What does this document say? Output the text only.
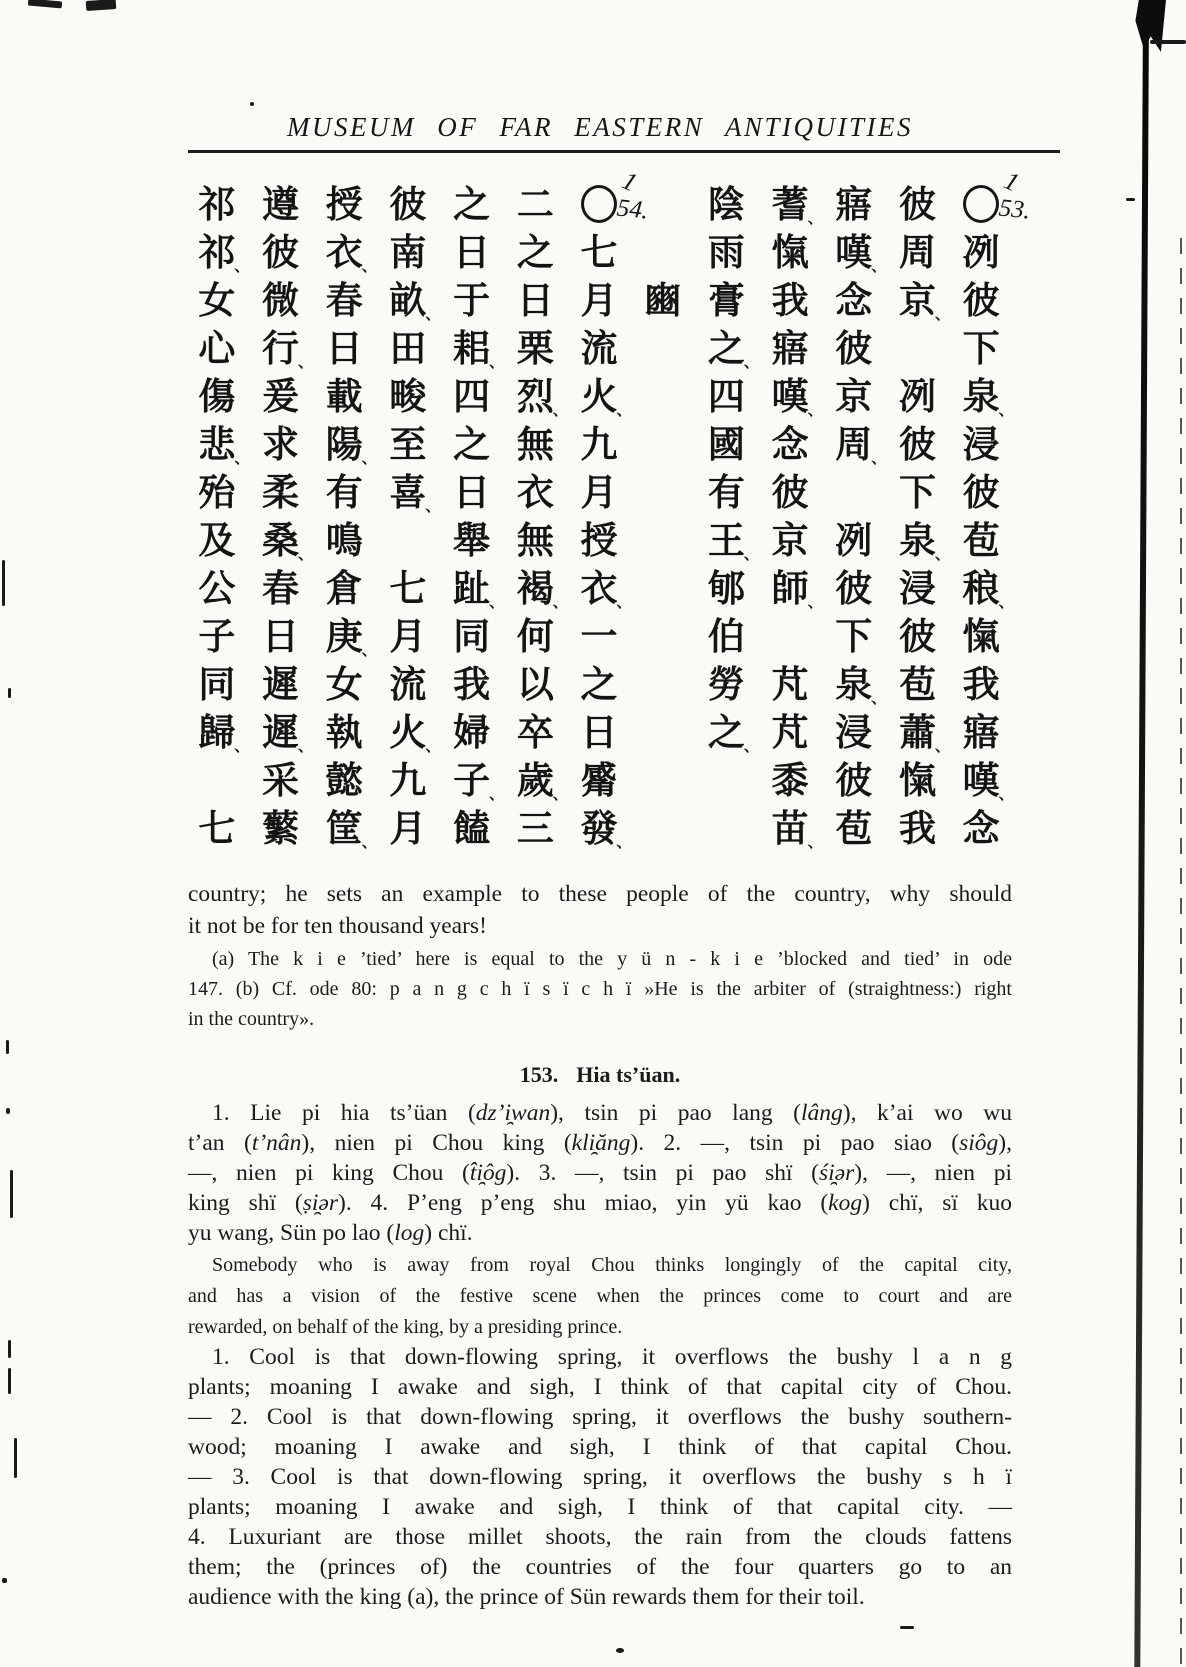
MUSEUM OF FAR EASTERN ANTIQUITIES
1
53.
冽
彼
下
泉
、
浸
彼
苞
稂
、
愾
我
寤
嘆
、
念
彼
周
京
、
冽
彼
下
泉
、
浸
彼
苞
蕭
、
愾
我
寤
嘆
、
念
彼
京
周
、
冽
彼
下
泉
、
浸
彼
苞
蓍
、
愾
我
寤
嘆
、
念
彼
京
師
、
芃
芃
黍
苗
、
陰
雨
膏
之
、
四
國
有
王
、
郇
伯
勞
之
、
豳
1
54.
七
月
流
火
、
九
月
授
衣
、
一
之
日
觱
發
、
二
之
日
栗
烈
、
無
衣
無
褐
、
何
以
卒
歲
、
三
之
日
于
耜
、
四
之
日
舉
趾
、
同
我
婦
子
、
饁
彼
南
畝
、
田
畯
至
喜
、
七
月
流
火
、
九
月
授
衣
、
春
日
載
陽
、
有
鳴
倉
庚
、
女
執
懿
筐
、
遵
彼
微
行
、
爰
求
柔
桑
、
春
日
遲
遲
、
采
蘩
祁
祁
、
女
心
傷
悲
、
殆
及
公
子
同
歸
、
七
country; he sets an example to these people of the country, why should
it not be for ten thousand years!
(a) The k i e ’tied’ here is equal to the y ü n - k i e ’blocked and tied’ in ode
147. (b) Cf. ode 80: p a n g c h ï s ï c h ï »He is the arbiter of (straightness:) right
in the country».
153. Hia ts’üan.
1. Lie pi hia ts’üan (dz’i̯wan), tsin pi pao lang (lâng), k’ai wo wu
t’an (t’nân), nien pi Chou king (kli̯ăng). 2. —, tsin pi pao siao (siôg),
—, nien pi king Chou (t̂i̯ôg). 3. —, tsin pi pao shï (śi̯ər), —, nien pi
king shï (ṣi̯ər). 4. P’eng p’eng shu miao, yin yü kao (kog) chï, sï kuo
yu wang, Sün po lao (log) chï.
Somebody who is away from royal Chou thinks longingly of the capital city,
and has a vision of the festive scene when the princes come to court and are
rewarded, on behalf of the king, by a presiding prince.
1. Cool is that down-flowing spring, it overflows the bushy l a n g
plants; moaning I awake and sigh, I think of that capital city of Chou.
— 2. Cool is that down-flowing spring, it overflows the bushy southern-
wood; moaning I awake and sigh, I think of that capital Chou.
— 3. Cool is that down-flowing spring, it overflows the bushy s h ï
plants; moaning I awake and sigh, I think of that capital city. —
4. Luxuriant are those millet shoots, the rain from the clouds fattens
them; the (princes of) the countries of the four quarters go to an
audience with the king (a), the prince of Sün rewards them for their toil.
